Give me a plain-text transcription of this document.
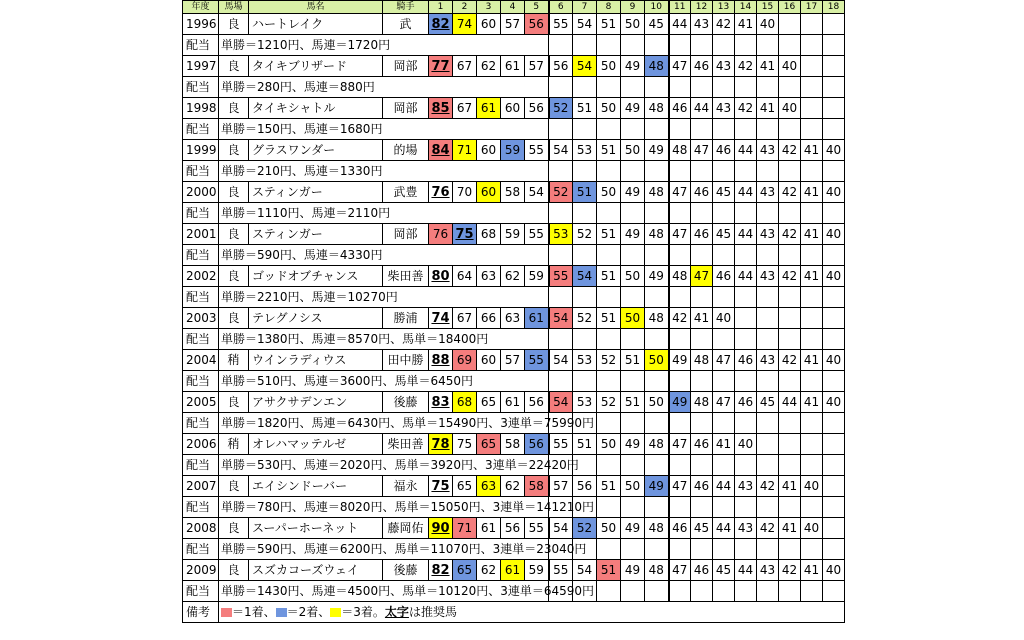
年度	馬場	馬名	騎手	1	2	3	4	5	6	7	8	9	10	11	12	13	14	15	16	17	18
1996	良	ハートレイク	武	82	74	60	57	56	55	54	51	50	45	44	43	42	41	40			
配当	単勝＝1210円、馬連＝1720円																				
1997	良	タイキブリザード	岡部	77	67	62	61	57	56	54	50	49	48	47	46	43	42	41	40		
配当	単勝＝280円、馬連＝880円																				
1998	良	タイキシャトル	岡部	85	67	61	60	56	52	51	50	49	48	46	44	43	42	41	40		
配当	単勝＝150円、馬連＝1680円																				
1999	良	グラスワンダー	的場	84	71	60	59	55	54	53	51	50	49	48	47	46	44	43	42	41	40
配当	単勝＝210円、馬連＝1330円																				
2000	良	スティンガー	武豊	76	70	60	58	54	52	51	50	49	48	47	46	45	44	43	42	41	40
配当	単勝＝1110円、馬連＝2110円																				
2001	良	スティンガー	岡部	76	75	68	59	55	53	52	51	49	48	47	46	45	44	43	42	41	40
配当	単勝＝590円、馬連＝4330円																				
2002	良	ゴッドオブチャンス	柴田善	80	64	63	62	59	55	54	51	50	49	48	47	46	44	43	42	41	40
配当	単勝＝2210円、馬連＝10270円																				
2003	良	テレグノシス	勝浦	74	67	66	63	61	54	52	51	50	48	42	41	40					
配当	単勝＝1380円、馬連＝8570円、馬単＝18400円																				
2004	稍	ウインラディウス	田中勝	88	69	60	57	55	54	53	52	51	50	49	48	47	46	43	42	41	40
配当	単勝＝510円、馬連＝3600円、馬単＝6450円																				
2005	良	アサクサデンエン	後藤	83	68	65	61	56	54	53	52	51	50	49	48	47	46	45	44	41	40
配当	単勝＝1820円、馬連＝6430円、馬単＝15490円、3連単＝75990円																				
2006	稍	オレハマッテルゼ	柴田善	78	75	65	58	56	55	51	50	49	48	47	46	41	40				
配当	単勝＝530円、馬連＝2020円、馬単＝3920円、3連単＝22420円																				
2007	良	エイシンドーバー	福永	75	65	63	62	58	57	56	51	50	49	47	46	44	43	42	41	40	
配当	単勝＝780円、馬連＝8020円、馬単＝15050円、3連単＝141210円																				
2008	良	スーパーホーネット	藤岡佑	90	71	61	56	55	54	52	50	49	48	46	45	44	43	42	41	40	
配当	単勝＝590円、馬連＝6200円、馬単＝11070円、3連単＝23040円																				
2009	良	スズカコーズウェイ	後藤	82	65	62	61	59	55	54	51	49	48	47	46	45	44	43	42	41	40
配当	単勝＝1430円、馬連＝4500円、馬単＝10120円、3連単＝64590円																				
備考	＝1着、 ＝2着、 ＝3着。太字は推奨馬																				
